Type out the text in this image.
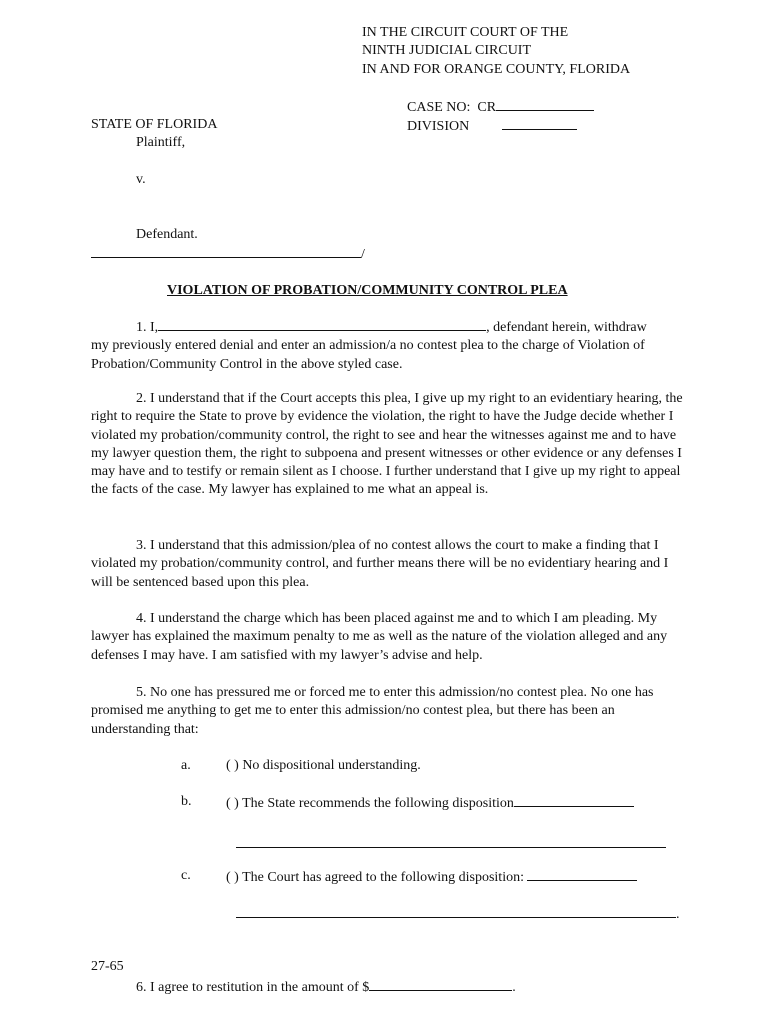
IN THE CIRCUIT COURT OF THE
NINTH JUDICIAL CIRCUIT
IN AND FOR ORANGE COUNTY, FLORIDA
CASE NO: CR
DIVISION
STATE OF FLORIDA
Plaintiff,
v.
Defendant.
/
VIOLATION OF PROBATION/COMMUNITY CONTROL PLEA

1. I,	, defendant herein, withdraw

my previously entered denial and enter an admission/a no contest plea to the charge of Violation of Probation/Community Control in the above styled case.

2. I understand that if the Court accepts this plea, I give up my right to an evidentiary hearing, the right to require the State to prove by evidence the violation, the right to have the Judge decide whether I violated my probation/community control, the right to see and hear the witnesses against me and to have my lawyer question them, the right to subpoena and present witnesses or other evidence or any defenses I may have and to testify or remain silent as I choose. I further understand that I give up my right to appeal the facts of the case. My lawyer has explained to me what an appeal is.

3. I understand that this admission/plea of no contest allows the court to make a finding that I violated my probation/community control, and further means there will be no evidentiary hearing and I will be sentenced based upon this plea.

4. I understand the charge which has been placed against me and to which I am pleading. My lawyer has explained the maximum penalty to me as well as the nature of the violation alleged and any defenses I may have. I am satisfied with my lawyer’s advise and help.

5. No one has pressured me or forced me to enter this admission/no contest plea. No one has promised me anything to get me to enter this admission/no contest plea, but there has been an understanding that:

a.	( ) No dispositional understanding.
b. ( ) The State recommends the following disposition
c.	( ) The Court has agreed to the following disposition:
.
27-65
6. I agree to restitution in the amount of $	.
